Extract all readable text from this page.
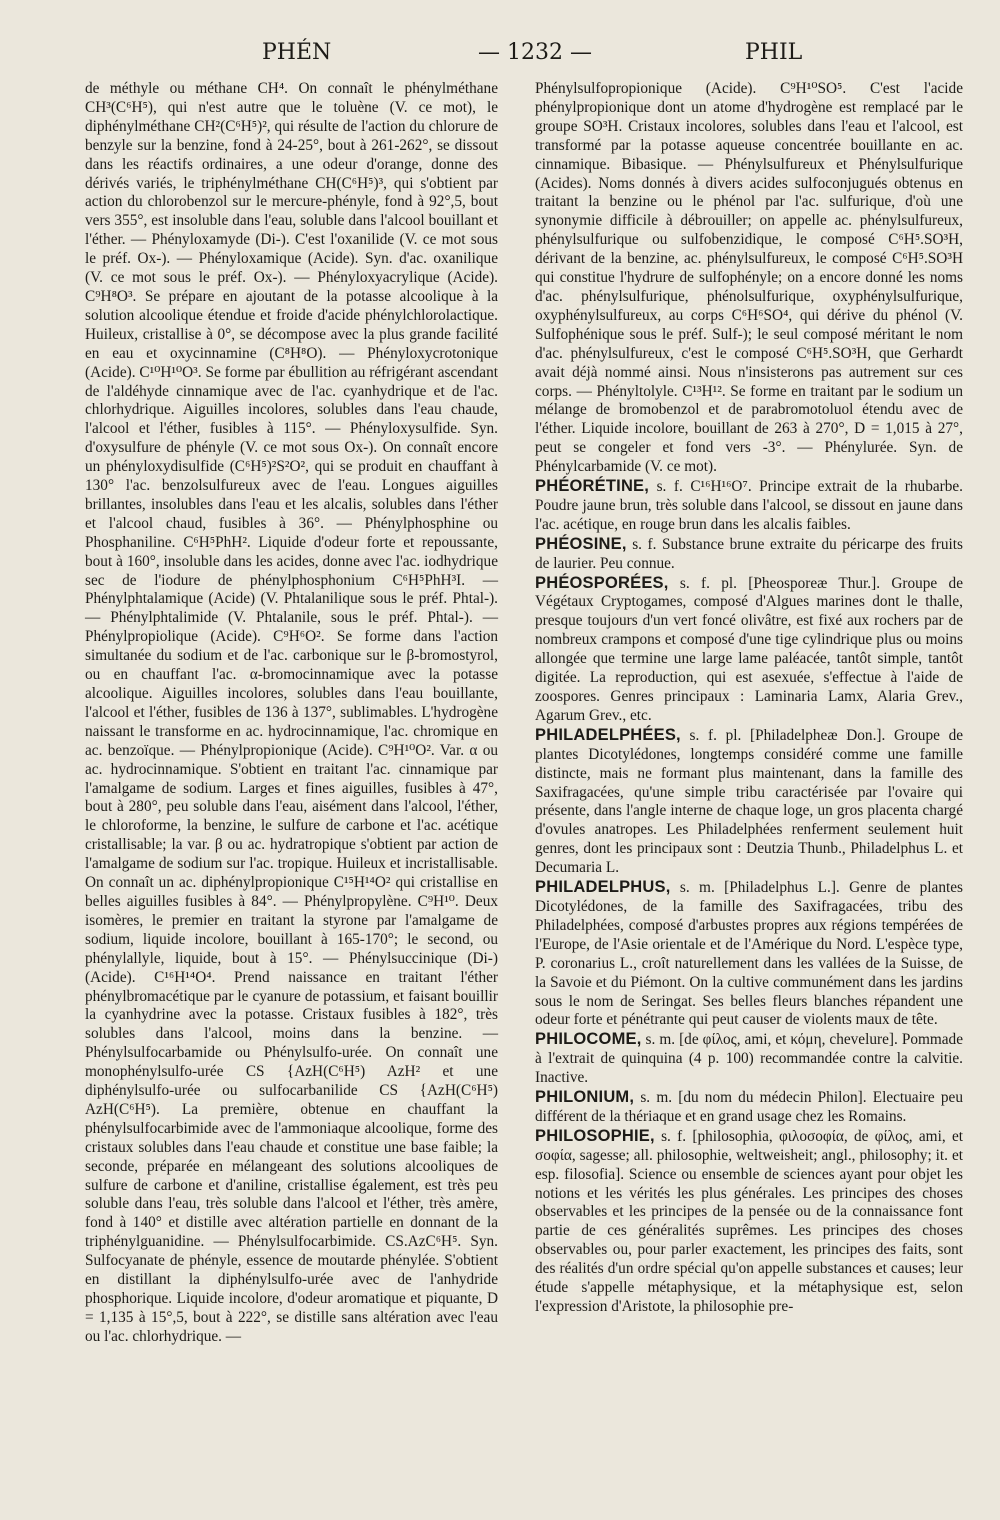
PHÉN	— 1232 —	PHIL

de méthyle ou méthane CH⁴. On connaît le phénylméthane CH³(C⁶H⁵), qui n'est autre que le toluène (V. ce mot), le diphénylméthane CH²(C⁶H⁵)², qui résulte de l'action du chlorure de benzyle sur la benzine, fond à 24-25°, bout à 261-262°, se dissout dans les réactifs ordinaires, a une odeur d'orange, donne des dérivés variés, le triphénylméthane CH(C⁶H⁵)³, qui s'obtient par action du chlorobenzol sur le mercure-phényle, fond à 92°,5, bout vers 355°, est insoluble dans l'eau, soluble dans l'alcool bouillant et l'éther. — Phényloxamyde (Di-). C'est l'oxanilide (V. ce mot sous le préf. Ox-). — Phényloxamique (Acide). Syn. d'ac. oxanilique (V. ce mot sous le préf. Ox-). — Phényloxyacrylique (Acide). C⁹H⁸O³. Se prépare en ajoutant de la potasse alcoolique à la solution alcoolique étendue et froide d'acide phénylchlorolactique. Huileux, cristallise à 0°, se décompose avec la plus grande facilité en eau et oxycinnamine (C⁸H⁸O). — Phényloxycrotonique (Acide). C¹⁰H¹⁰O³. Se forme par ébullition au réfrigérant ascendant de l'aldéhyde cinnamique avec de l'ac. cyanhydrique et de l'ac. chlorhydrique. Aiguilles incolores, solubles dans l'eau chaude, l'alcool et l'éther, fusibles à 115°. — Phényloxysulfide. Syn. d'oxysulfure de phényle (V. ce mot sous Ox-). On connaît encore un phényloxydisulfide (C⁶H⁵)²S²O², qui se produit en chauffant à 130° l'ac. benzolsulfureux avec de l'eau. Longues aiguilles brillantes, insolubles dans l'eau et les alcalis, solubles dans l'éther et l'alcool chaud, fusibles à 36°. — Phénylphosphine ou Phosphaniline. C⁶H⁵PhH². Liquide d'odeur forte et repoussante, bout à 160°, insoluble dans les acides, donne avec l'ac. iodhydrique sec de l'iodure de phénylphosphonium C⁶H⁵PhH³I. — Phénylphtalamique (Acide) (V. Phtalanilique sous le préf. Phtal-). — Phénylphtalimide (V. Phtalanile, sous le préf. Phtal-). — Phénylpropiolique (Acide). C⁹H⁶O². Se forme dans l'action simultanée du sodium et de l'ac. carbonique sur le β-bromostyrol, ou en chauffant l'ac. α-bromocinnamique avec la potasse alcoolique. Aiguilles incolores, solubles dans l'eau bouillante, l'alcool et l'éther, fusibles de 136 à 137°, sublimables. L'hydrogène naissant le transforme en ac. hydrocinnamique, l'ac. chromique en ac. benzoïque. — Phénylpropionique (Acide). C⁹H¹⁰O². Var. α ou ac. hydrocinnamique. S'obtient en traitant l'ac. cinnamique par l'amalgame de sodium. Larges et fines aiguilles, fusibles à 47°, bout à 280°, peu soluble dans l'eau, aisément dans l'alcool, l'éther, le chloroforme, la benzine, le sulfure de carbone et l'ac. acétique cristallisable; la var. β ou ac. hydratropique s'obtient par action de l'amalgame de sodium sur l'ac. tropique. Huileux et incristallisable. On connaît un ac. diphénylpropionique C¹⁵H¹⁴O² qui cristallise en belles aiguilles fusibles à 84°. — Phénylpropylène. C⁹H¹⁰. Deux isomères, le premier en traitant la styrone par l'amalgame de sodium, liquide incolore, bouillant à 165-170°; le second, ou phénylallyle, liquide, bout à 15°. — Phénylsuccinique (Di-) (Acide). C¹⁶H¹⁴O⁴. Prend naissance en traitant l'éther phénylbromacétique par le cyanure de potassium, et faisant bouillir la cyanhydrine avec la potasse. Cristaux fusibles à 182°, très solubles dans l'alcool, moins dans la benzine. — Phénylsulfocarbamide ou Phénylsulfo-urée. On connaît une monophénylsulfo-urée CS {AzH(C⁶H⁵) AzH² et une diphénylsulfo-urée ou sulfocarbanilide CS {AzH(C⁶H⁵) AzH(C⁶H⁵). La première, obtenue en chauffant la phénylsulfocarbimide avec de l'ammoniaque alcoolique, forme des cristaux solubles dans l'eau chaude et constitue une base faible; la seconde, préparée en mélangeant des solutions alcooliques de sulfure de carbone et d'aniline, cristallise également, est très peu soluble dans l'eau, très soluble dans l'alcool et l'éther, très amère, fond à 140° et distille avec altération partielle en donnant de la triphénylguanidine. — Phénylsulfocarbimide. CS.AzC⁶H⁵. Syn. Sulfocyanate de phényle, essence de moutarde phénylée. S'obtient en distillant la diphénylsulfo-urée avec de l'anhydride phosphorique. Liquide incolore, d'odeur aromatique et piquante, D = 1,135 à 15°,5, bout à 222°, se distille sans altération avec l'eau ou l'ac. chlorhydrique. —

Phénylsulfopropionique (Acide). C⁹H¹⁰SO⁵. C'est l'acide phénylpropionique dont un atome d'hydrogène est remplacé par le groupe SO³H. Cristaux incolores, solubles dans l'eau et l'alcool, est transformé par la potasse aqueuse concentrée bouillante en ac. cinnamique. Bibasique. — Phénylsulfureux et Phénylsulfurique (Acides). Noms donnés à divers acides sulfoconjugués obtenus en traitant la benzine ou le phénol par l'ac. sulfurique, d'où une synonymie difficile à débrouiller; on appelle ac. phénylsulfureux, phénylsulfurique ou sulfobenzidique, le composé C⁶H⁵.SO³H, dérivant de la benzine, ac. phénylsulfureux, le composé C⁶H⁵.SO³H qui constitue l'hydrure de sulfophényle; on a encore donné les noms d'ac. phénylsulfurique, phénolsulfurique, oxyphénylsulfurique, oxyphénylsulfureux, au corps C⁶H⁶SO⁴, qui dérive du phénol (V. Sulfophénique sous le préf. Sulf-); le seul composé méritant le nom d'ac. phénylsulfureux, c'est le composé C⁶H⁵.SO³H, que Gerhardt avait déjà nommé ainsi. Nous n'insisterons pas autrement sur ces corps. — Phényltolyle. C¹³H¹². Se forme en traitant par le sodium un mélange de bromobenzol et de parabromotoluol étendu avec de l'éther. Liquide incolore, bouillant de 263 à 270°, D = 1,015 à 27°, peut se congeler et fond vers -3°. — Phénylurée. Syn. de Phénylcarbamide (V. ce mot).

PHÉORÉTINE, s. f. C¹⁶H¹⁶O⁷. Principe extrait de la rhubarbe. Poudre jaune brun, très soluble dans l'alcool, se dissout en jaune dans l'ac. acétique, en rouge brun dans les alcalis faibles.

PHÉOSINE, s. f. Substance brune extraite du péricarpe des fruits de laurier. Peu connue.

PHÉOSPORÉES, s. f. pl. [Pheosporeæ Thur.]. Groupe de Végétaux Cryptogames, composé d'Algues marines dont le thalle, presque toujours d'un vert foncé olivâtre, est fixé aux rochers par de nombreux crampons et composé d'une tige cylindrique plus ou moins allongée que termine une large lame paléacée, tantôt simple, tantôt digitée. La reproduction, qui est asexuée, s'effectue à l'aide de zoospores. Genres principaux : Laminaria Lamx, Alaria Grev., Agarum Grev., etc.

PHILADELPHÉES, s. f. pl. [Philadelpheæ Don.]. Groupe de plantes Dicotylédones, longtemps considéré comme une famille distincte, mais ne formant plus maintenant, dans la famille des Saxifragacées, qu'une simple tribu caractérisée par l'ovaire qui présente, dans l'angle interne de chaque loge, un gros placenta chargé d'ovules anatropes. Les Philadelphées renferment seulement huit genres, dont les principaux sont : Deutzia Thunb., Philadelphus L. et Decumaria L.

PHILADELPHUS, s. m. [Philadelphus L.]. Genre de plantes Dicotylédones, de la famille des Saxifragacées, tribu des Philadelphées, composé d'arbustes propres aux régions tempérées de l'Europe, de l'Asie orientale et de l'Amérique du Nord. L'espèce type, P. coronarius L., croît naturellement dans les vallées de la Suisse, de la Savoie et du Piémont. On la cultive communément dans les jardins sous le nom de Seringat. Ses belles fleurs blanches répandent une odeur forte et pénétrante qui peut causer de violents maux de tête.

PHILOCOME, s. m. [de φίλος, ami, et κόμη, chevelure]. Pommade à l'extrait de quinquina (4 p. 100) recommandée contre la calvitie. Inactive.

PHILONIUM, s. m. [du nom du médecin Philon]. Electuaire peu différent de la thériaque et en grand usage chez les Romains.

PHILOSOPHIE, s. f. [philosophia, φιλοσοφία, de φίλος, ami, et σοφία, sagesse; all. philosophie, weltweisheit; angl., philosophy; it. et esp. filosofia]. Science ou ensemble de sciences ayant pour objet les notions et les vérités les plus générales. Les principes des choses observables et les principes de la pensée ou de la connaissance font partie de ces généralités suprêmes. Les principes des choses observables ou, pour parler exactement, les principes des faits, sont des réalités d'un ordre spécial qu'on appelle substances et causes; leur étude s'appelle métaphysique, et la métaphysique est, selon l'expression d'Aristote, la philosophie pre-
